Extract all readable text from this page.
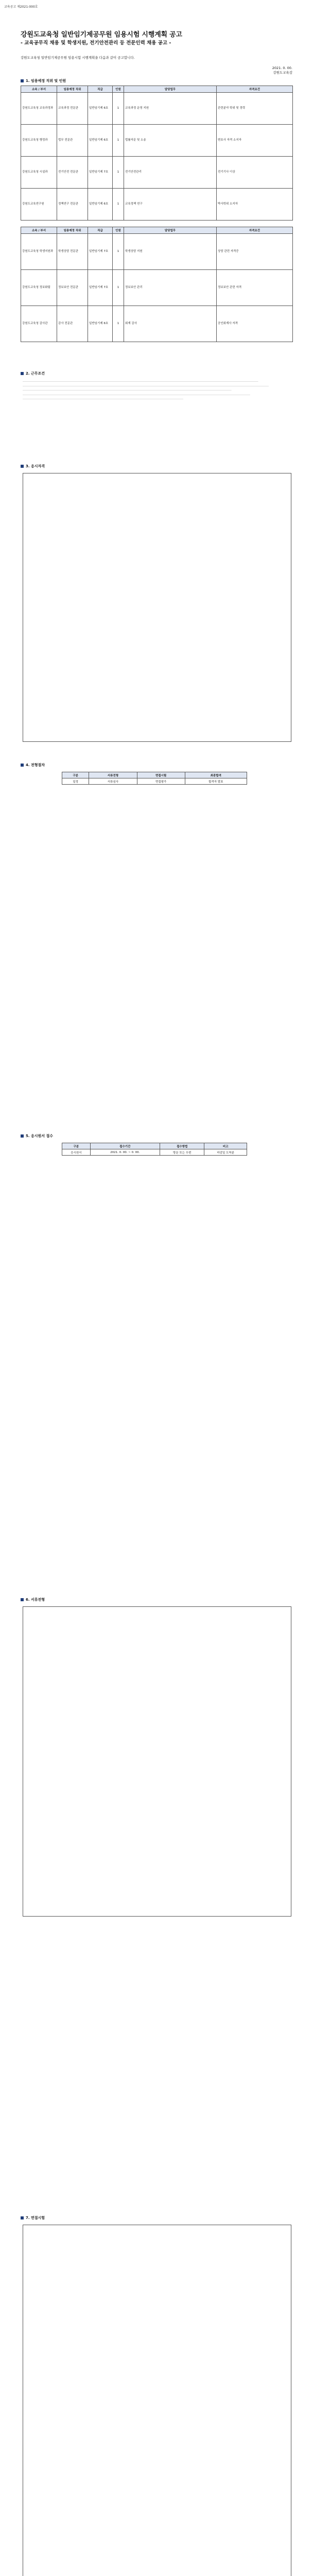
교육공고 제2021-000호
강원도교육청 일반임기제공무원 임용시험 시행계획 공고
- 교육공무직 채용 및 학생지원, 전기안전관리 등 전문인력 채용 공고 -
강원도교육청 일반임기제공무원 임용시험 시행계획을 다음과 같이 공고합니다.
2021. 0. 00.
강원도교육감
1. 임용예정 직위 및 인원
소속 / 부서	임용예정 직위	직급	인원	담당업무	자격요건
강원도교육청 교육과정과	교육과정 전문관	일반임기제 6호	1	교육과정 운영 지원	관련분야 학위 및 경력
강원도교육청 행정과	법무 전문관	일반임기제 6호	1	법률자문 및 소송	변호사 자격 소지자
강원도교육청 시설과	전기안전 전문관	일반임기제 7호	1	전기안전관리	전기기사 이상
강원도교육연구원	정책연구 전문관	일반임기제 6호	1	교육정책 연구	박사학위 소지자
소속 / 부서	임용예정 직위	직급	인원	담당업무	자격요건
강원도교육청 학생지원과	학생상담 전문관	일반임기제 7호	1	학생상담 지원	상담 관련 자격증
강원도교육청 정보화팀	정보보안 전문관	일반임기제 7호	1	정보보안 관리	정보보안 관련 자격
강원도교육청 감사관	감사 전문관	일반임기제 6호	1	회계 감사	공인회계사 자격
2. 근무조건
3. 응시자격
4. 전형절차
구분	서류전형	면접시험	최종합격
일정	서류심사	면접평가	합격자 발표
5. 응시원서 접수
구분	접수기간	접수방법	비고
응시원서	2021. 0. 00. ~ 0. 00.	방문 또는 우편	마감일 도착분
6. 서류전형
7. 면접시험
